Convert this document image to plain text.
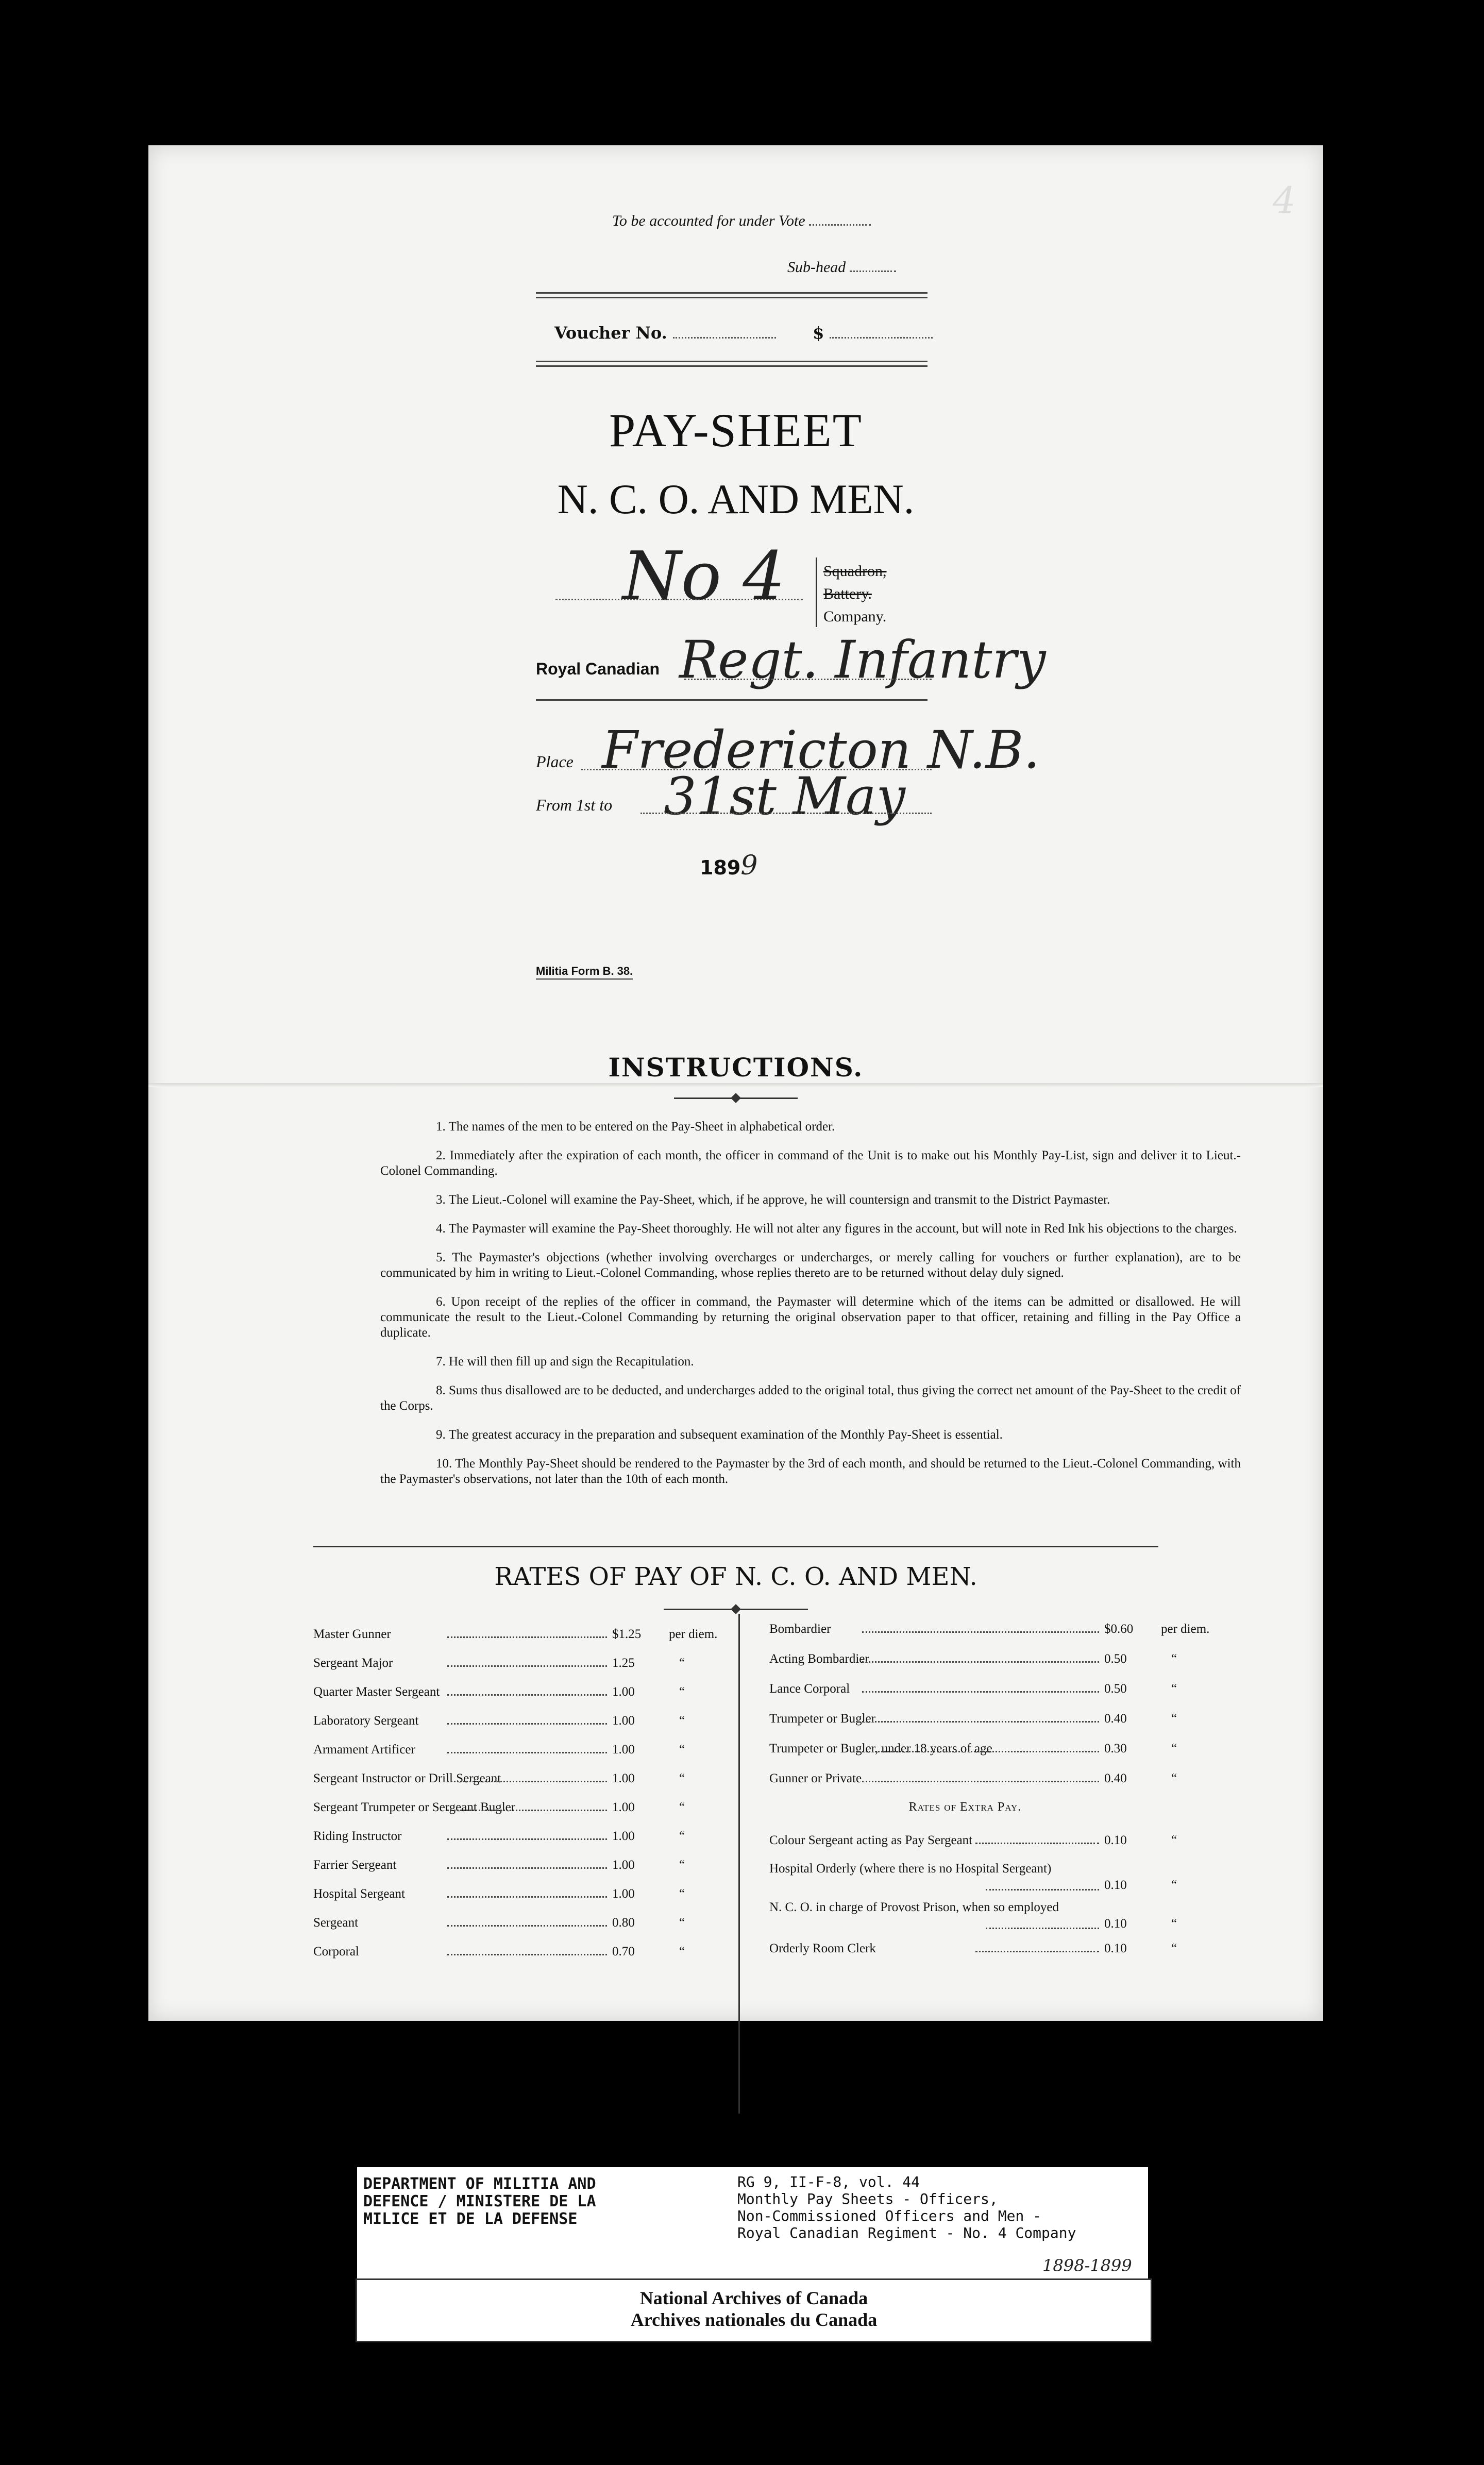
To be accounted for under Vote
Sub-head
Voucher No.	$
PAY-SHEET
N. C. O. AND MEN.
No 4 Squadron,
Battery.
Company.
Royal Canadian Regt. Infantry
Place Fredericton N.B.
From 1st to 31st May
1899
Militia Form B. 38.
INSTRUCTIONS.

1. The names of the men to be entered on the Pay-Sheet in alphabetical order.

2. Immediately after the expiration of each month, the officer in command of the Unit is to make out his Monthly Pay-List, sign and deliver it to Lieut.-Colonel Commanding.

3. The Lieut.-Colonel will examine the Pay-Sheet, which, if he approve, he will countersign and transmit to the District Paymaster.

4. The Paymaster will examine the Pay-Sheet thoroughly. He will not alter any figures in the account, but will note in Red Ink his objections to the charges.

5. The Paymaster's objections (whether involving overcharges or undercharges, or merely calling for vouchers or further explanation), are to be communicated by him in writing to Lieut.-Colonel Commanding, whose replies thereto are to be returned without delay duly signed.

6. Upon receipt of the replies of the officer in command, the Paymaster will determine which of the items can be admitted or disallowed. He will communicate the result to the Lieut.-Colonel Commanding by returning the original observation paper to that officer, retaining and filling in the Pay Office a duplicate.

7. He will then fill up and sign the Recapitulation.

8. Sums thus disallowed are to be deducted, and undercharges added to the original total, thus giving the correct net amount of the Pay-Sheet to the credit of the Corps.

9. The greatest accuracy in the preparation and subsequent examination of the Monthly Pay-Sheet is essential.

10. The Monthly Pay-Sheet should be rendered to the Paymaster by the 3rd of each month, and should be returned to the Lieut.-Colonel Commanding, with the Paymaster's observations, not later than the 10th of each month.

RATES OF PAY OF N. C. O. AND MEN.
Master Gunner	$1.25 per diem.
Sergeant Major	1.25	“
Quarter Master Sergeant	1.00	“
Laboratory Sergeant	1.00	“
Armament Artificer	1.00	“
Sergeant Instructor or Drill Sergeant	1.00	“
Sergeant Trumpeter or Sergeant Bugler	1.00	“
Riding Instructor	1.00	“
Farrier Sergeant	1.00	“
Hospital Sergeant	1.00	“
Sergeant	0.80	“
Corporal	0.70	“
Bombardier	$0.60 per diem.
Acting Bombardier	0.50	“
Lance Corporal	0.50	“
Trumpeter or Bugler	0.40	“
Trumpeter or Bugler, under 18 years of age	0.30	“
Gunner or Private	0.40	“
Rates of Extra Pay.
Colour Sergeant acting as Pay Sergeant	0.10	“
Hospital Orderly (where there is no Hospital Sergeant)
0.10	“
N. C. O. in charge of Provost Prison, when so employed
0.10	“
Orderly Room Clerk	0.10	“
4
DEPARTMENT OF MILITIA AND
DEFENCE / MINISTERE DE LA
MILICE ET DE LA DEFENSE
RG 9, II-F-8, vol. 44
Monthly Pay Sheets - Officers,
Non-Commissioned Officers and Men -
Royal Canadian Regiment - No. 4 Company
1898-1899
National Archives of Canada
Archives nationales du Canada
